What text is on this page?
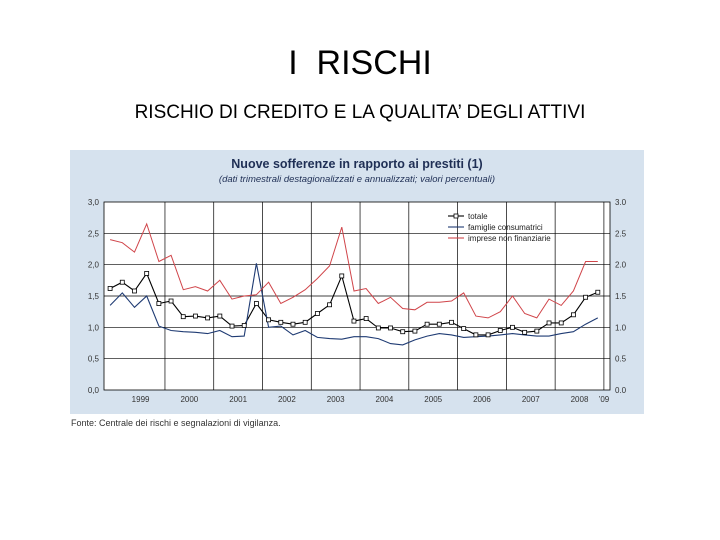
I  RISCHI
RISCHIO DI CREDITO E LA QUALITA’ DEGLI ATTIVI
Nuove sofferenze in rapporto ai prestiti (1)
(dati trimestrali destagionalizzati e annualizzati; valori percentuali)
0,0	0.0
0,5	0.5
1,0	1.0
1,5	1.5
2,0	2.0
2,5	2.5
3,0	3.0
1999	2000	2001	2002	2003	2004	2005	2006	2007	2008 ’09
totale
famiglie consumatrici
imprese non finanziarie
Fonte: Centrale dei rischi e segnalazioni di vigilanza.
